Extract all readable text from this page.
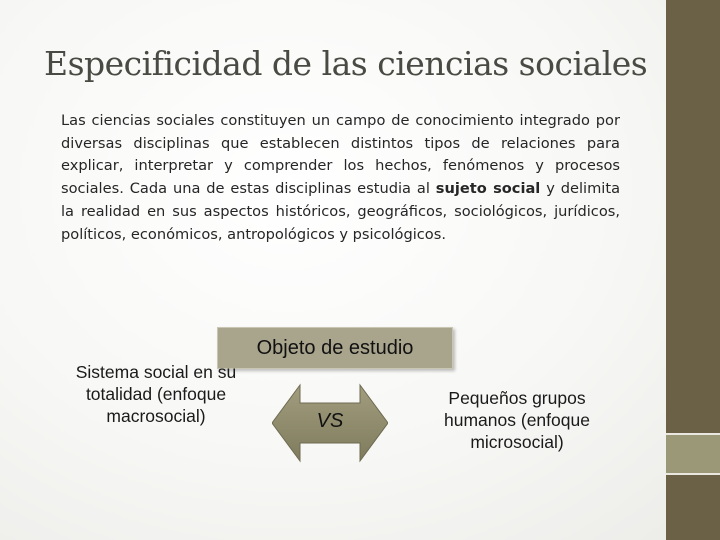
Especificidad de las ciencias sociales

Las ciencias sociales constituyen un campo de conocimiento integrado por diversas disciplinas que establecen distintos tipos de relaciones para explicar, interpretar y comprender los hechos, fenómenos y procesos sociales. Cada una de estas disciplinas estudia al sujeto social y delimita la realidad en sus aspectos históricos, geográficos, sociológicos, jurídicos, políticos, económicos, antropológicos y psicológicos.

Objeto de estudio
Sistema social en su totalidad (enfoque macrosocial)	VS
Pequeños grupos humanos (enfoque microsocial)
